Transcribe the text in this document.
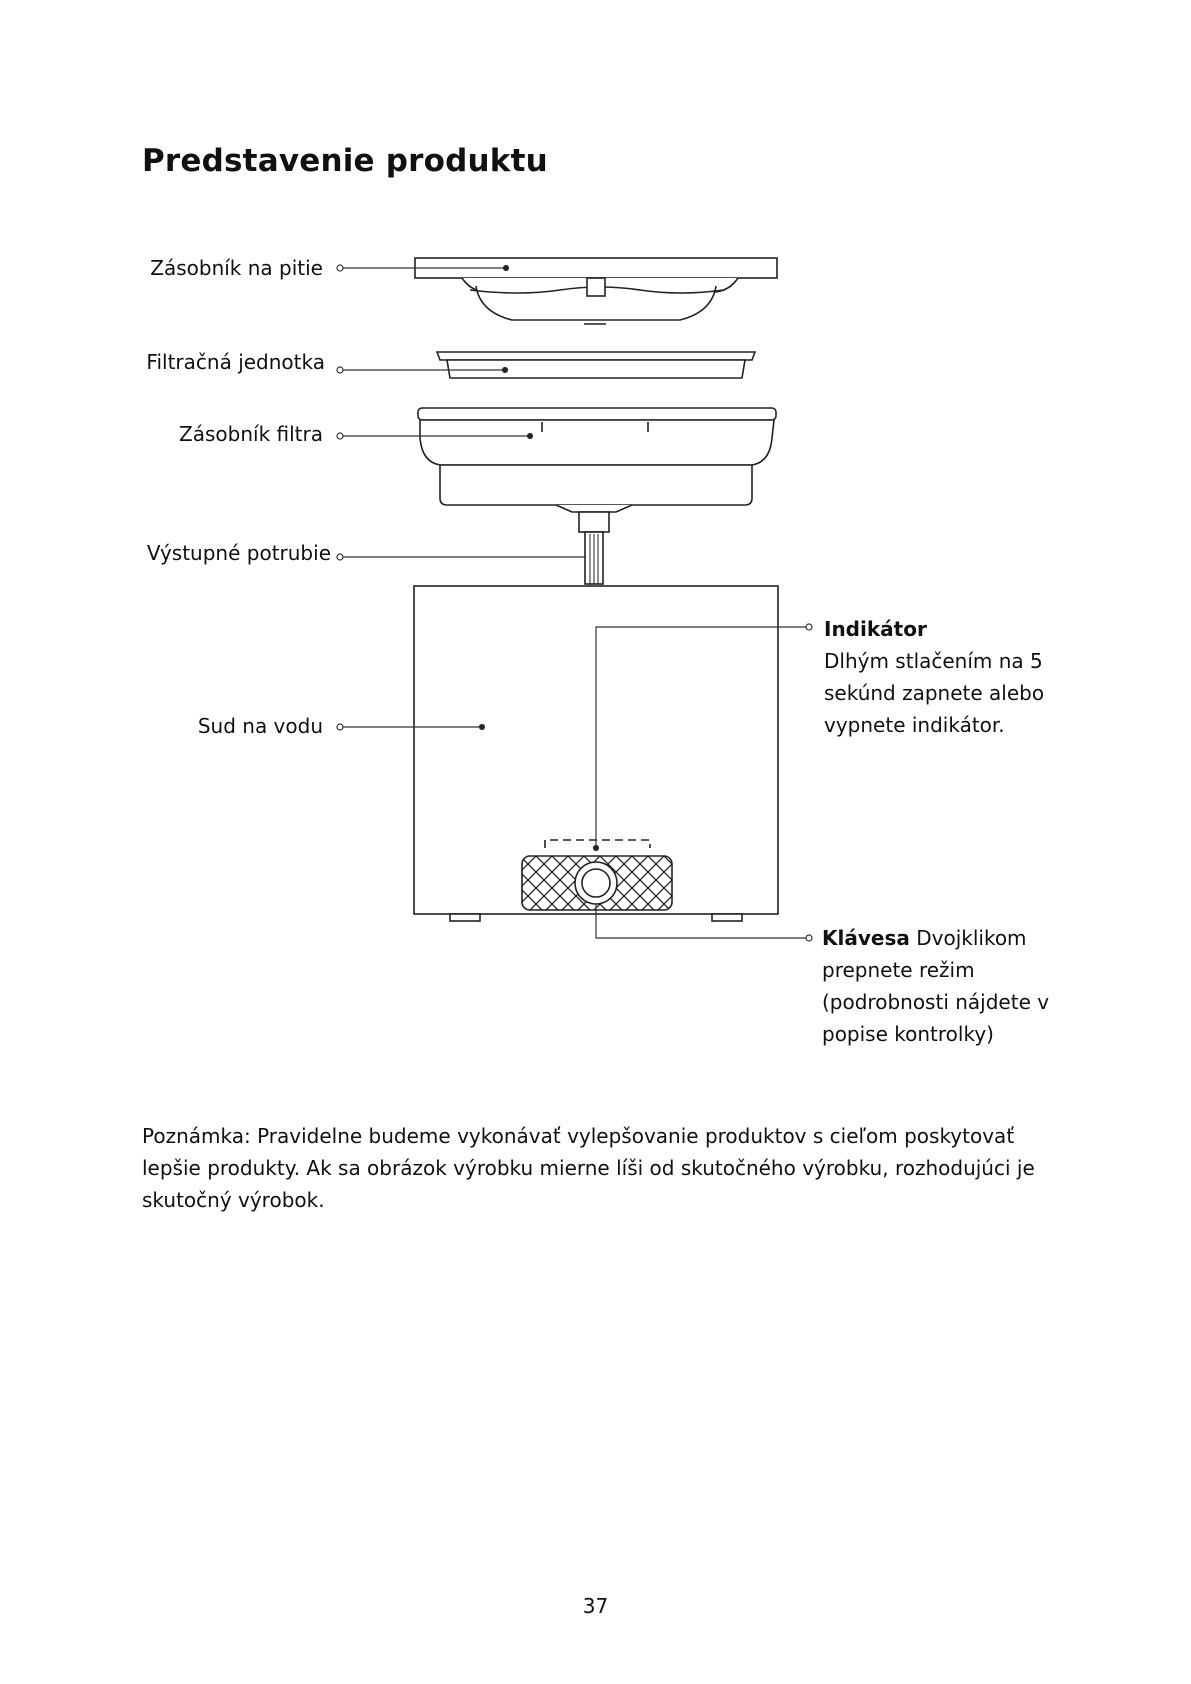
Predstavenie produktu
Zásobník na pitie
Filtračná jednotka
Zásobník filtra
Výstupné potrubie
Sud na vodu
Indikátor
Dlhým stlačením na 5 sekúnd zapnete alebo vypnete indikátor.
Klávesa Dvojklikom prepnete režim (podrobnosti nájdete v popise kontrolky)

Poznámka: Pravidelne budeme vykonávať vylepšovanie produktov s cieľom poskytovať lepšie produkty. Ak sa obrázok výrobku mierne líši od skutočného výrobku, rozhodujúci je skutočný výrobok.

37
